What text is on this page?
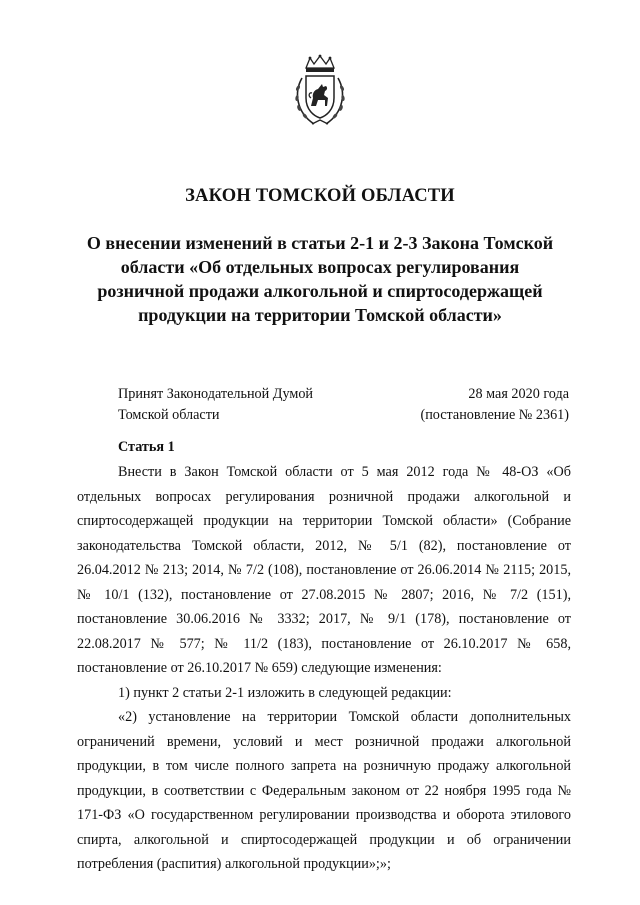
ЗАКОН ТОМСКОЙ ОБЛАСТИ
О внесении изменений в статьи 2-1 и 2-3 Закона Томской области «Об отдельных вопросах регулирования розничной продажи алкогольной и спиртосодержащей продукции на территории Томской области»
Принят Законодательной Думой
Томской области
28 мая 2020 года
(постановление № 2361)
Статья 1

Внести в Закон Томской области от 5 мая 2012 года № 48-ОЗ «Об отдельных вопросах регулирования розничной продажи алкогольной и спиртосодержащей продукции на территории Томской области» (Собрание законодательства Томской области, 2012, № 5/1 (82), постановление от 26.04.2012 № 213; 2014, № 7/2 (108), постановление от 26.06.2014 № 2115; 2015, № 10/1 (132), постановление от 27.08.2015 № 2807; 2016, № 7/2 (151), постановление 30.06.2016 № 3332; 2017, № 9/1 (178), постановление от 22.08.2017 № 577; № 11/2 (183), постановление от 26.10.2017 № 658, постановление от 26.10.2017 № 659) следующие изменения:

1) пункт 2 статьи 2-1 изложить в следующей редакции:

«2) установление на территории Томской области дополнительных ограничений времени, условий и мест розничной продажи алкогольной продукции, в том числе полного запрета на розничную продажу алкогольной продукции, в соответствии с Федеральным законом от 22 ноября 1995 года № 171-ФЗ «О государственном регулировании производства и оборота этилового спирта, алкогольной и спиртосодержащей продукции и об ограничении потребления (распития) алкогольной продукции»;»;
